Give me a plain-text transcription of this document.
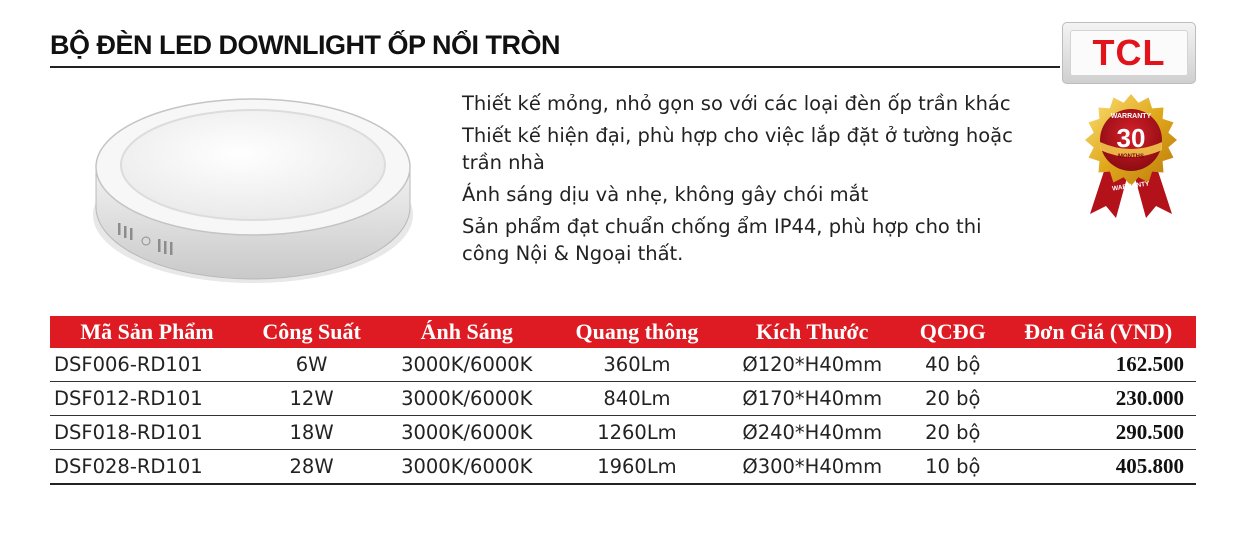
BỘ ĐÈN LED DOWNLIGHT ỐP NỔI TRÒN	TCL
WARRANTY
30
MONTHS
WARRANTY
Thiết kế mỏng, nhỏ gọn so với các loại đèn ốp trần khác
Thiết kế hiện đại, phù hợp cho việc lắp đặt ở tường hoặc trần nhà
Ánh sáng dịu và nhẹ, không gây chói mắt
Sản phẩm đạt chuẩn chống ẩm IP44, phù hợp cho thi công Nội & Ngoại thất.
Mã Sản Phẩm	Công Suất	Ánh Sáng	Quang thông	Kích Thước	QCĐG	Đơn Giá (VND)
DSF006-RD101	6W	3000K/6000K	360Lm	Ø120*H40mm	40 bộ	162.500
DSF012-RD101	12W	3000K/6000K	840Lm	Ø170*H40mm	20 bộ	230.000
DSF018-RD101	18W	3000K/6000K	1260Lm	Ø240*H40mm	20 bộ	290.500
DSF028-RD101	28W	3000K/6000K	1960Lm	Ø300*H40mm	10 bộ	405.800
